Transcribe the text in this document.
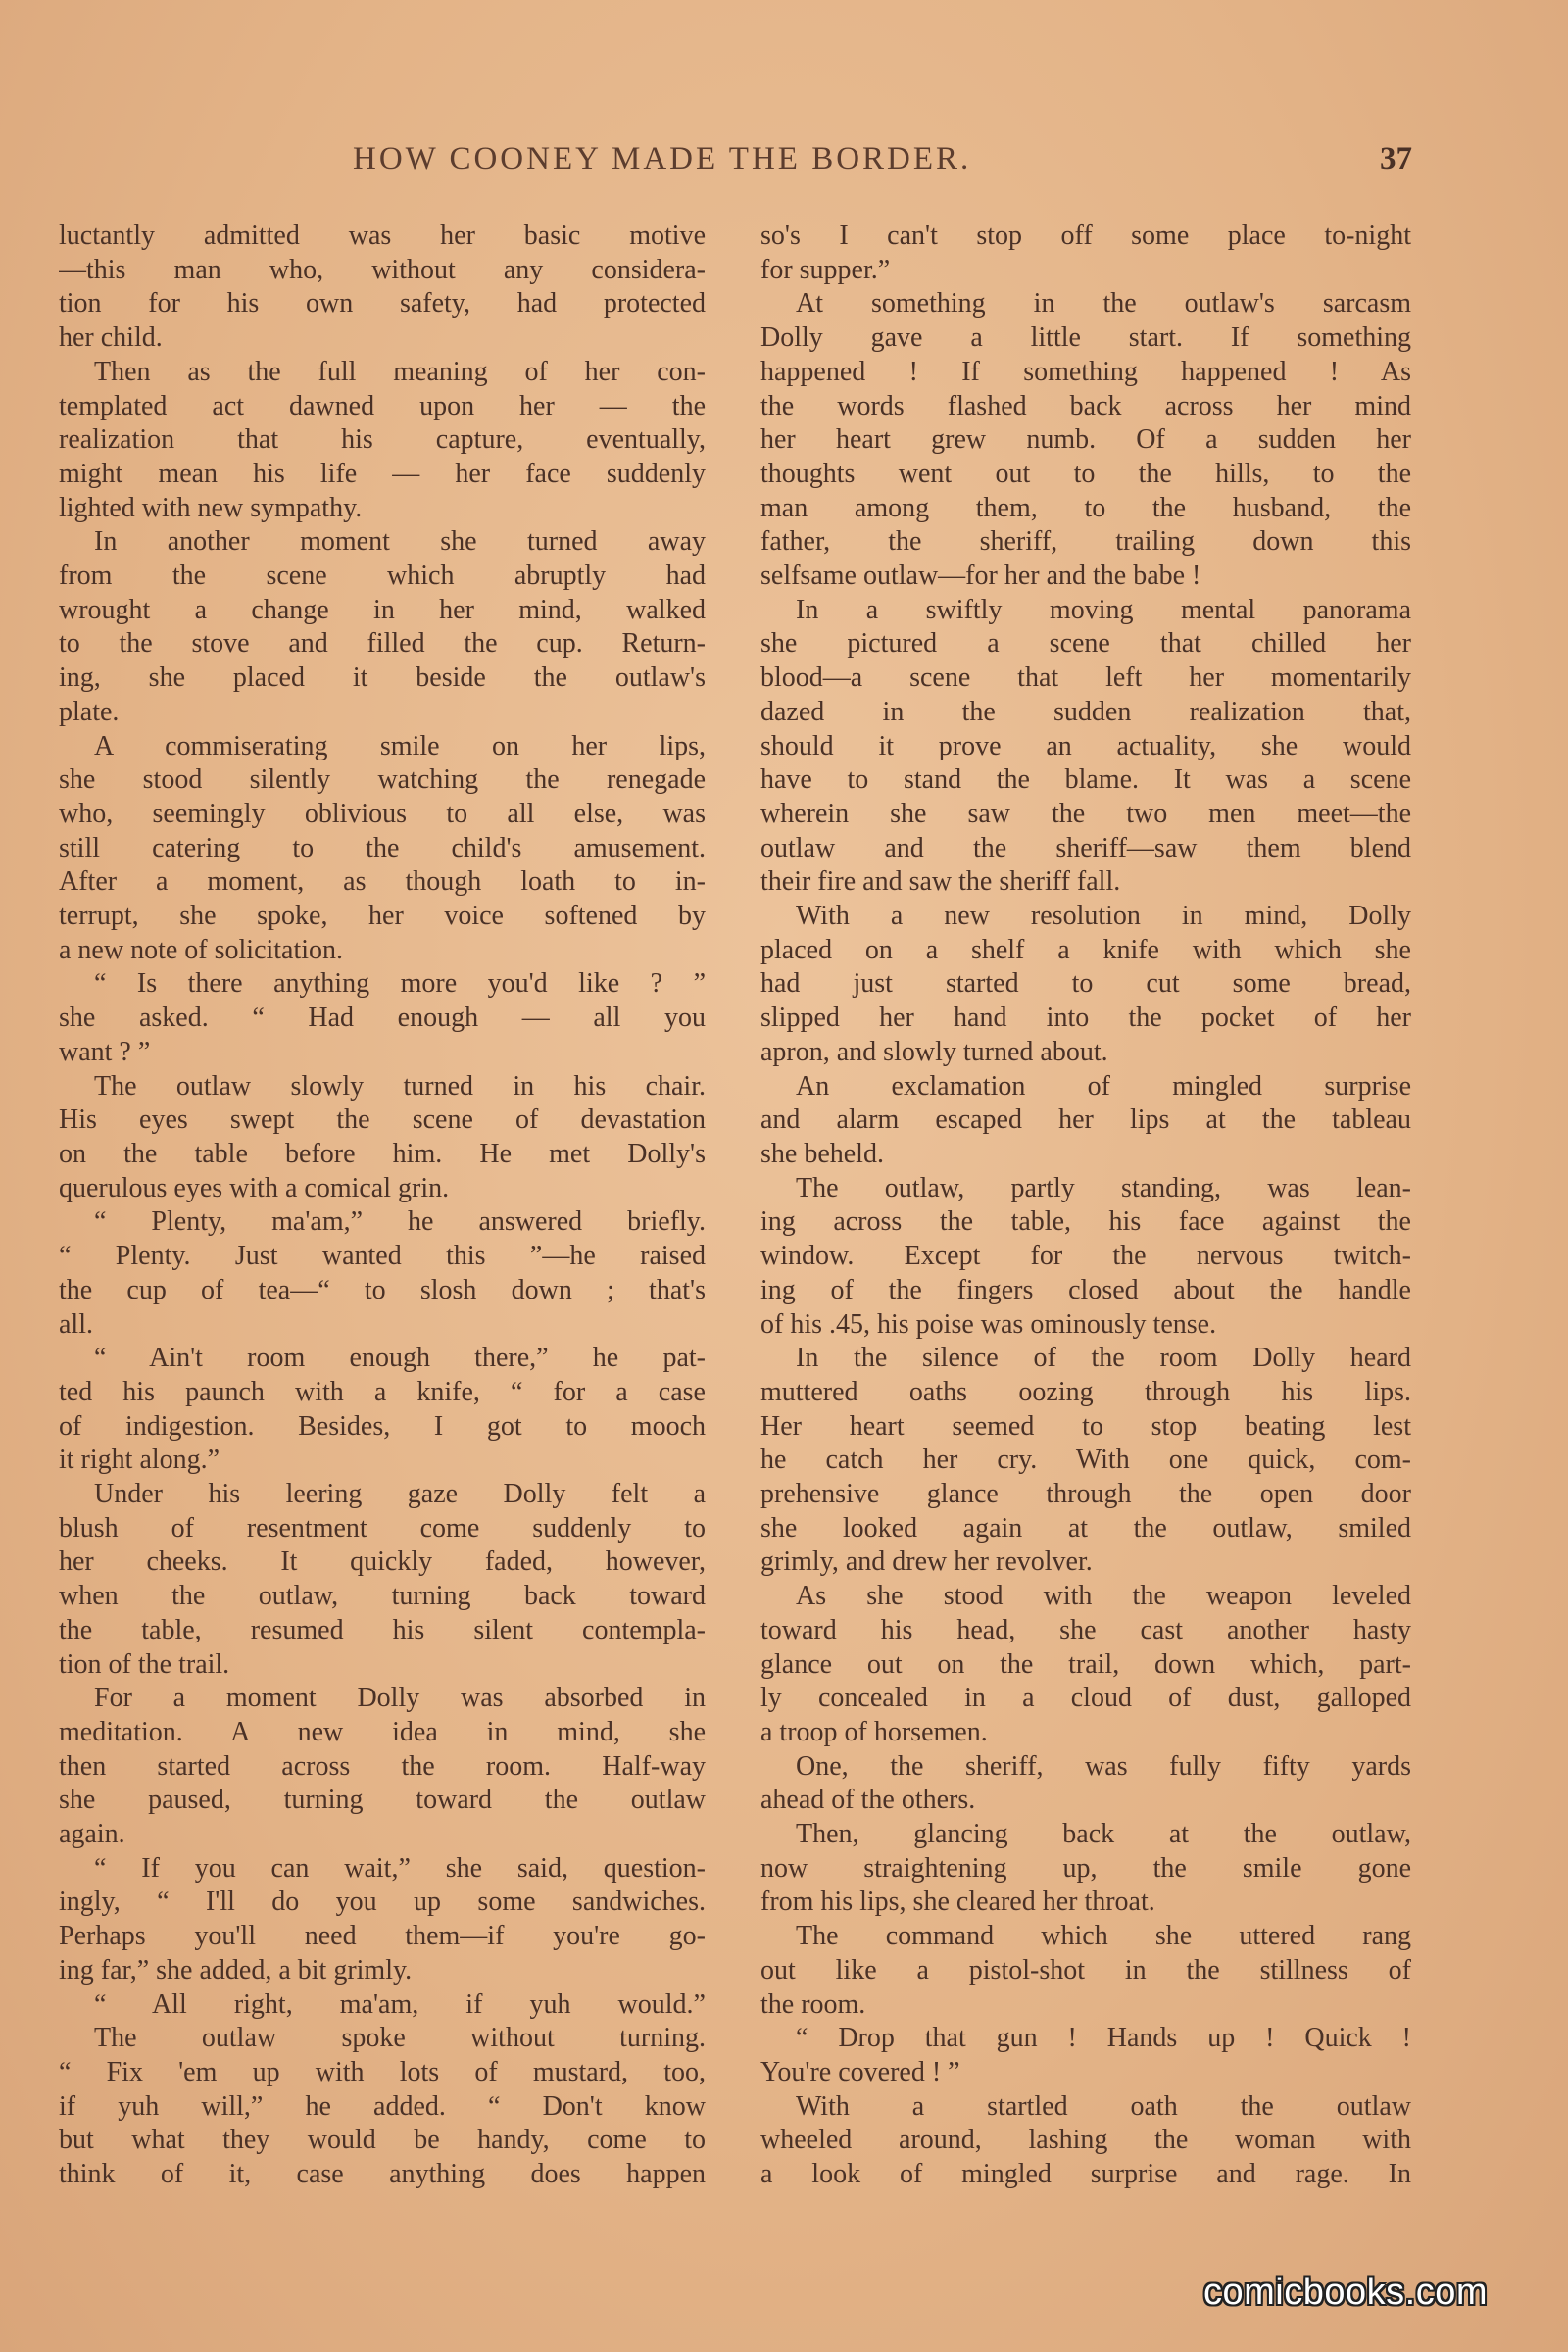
HOW COONEY MADE THE BORDER.	37
luctantly admitted was her basic motive
—this man who, without any considera-
tion for his own safety, had protected
her child.
Then as the full meaning of her con-
templated act dawned upon her — the
realization that his capture, eventually,
might mean his life — her face suddenly
lighted with new sympathy.
In another moment she turned away
from the scene which abruptly had
wrought a change in her mind, walked
to the stove and filled the cup. Return-
ing, she placed it beside the outlaw's
plate.
A commiserating smile on her lips,
she stood silently watching the renegade
who, seemingly oblivious to all else, was
still catering to the child's amusement.
After a moment, as though loath to in-
terrupt, she spoke, her voice softened by
a new note of solicitation.
“ Is there anything more you'd like ? ”
she asked. “ Had enough — all you
want ? ”
The outlaw slowly turned in his chair.
His eyes swept the scene of devastation
on the table before him. He met Dolly's
querulous eyes with a comical grin.
“ Plenty, ma'am,” he answered briefly.
“ Plenty. Just wanted this ”—he raised
the cup of tea—“ to slosh down ; that's
all.
“ Ain't room enough there,” he pat-
ted his paunch with a knife, “ for a case
of indigestion. Besides, I got to mooch
it right along.”
Under his leering gaze Dolly felt a
blush of resentment come suddenly to
her cheeks. It quickly faded, however,
when the outlaw, turning back toward
the table, resumed his silent contempla-
tion of the trail.
For a moment Dolly was absorbed in
meditation. A new idea in mind, she
then started across the room. Half-way
she paused, turning toward the outlaw
again.
“ If you can wait,” she said, question-
ingly, “ I'll do you up some sandwiches.
Perhaps you'll need them—if you're go-
ing far,” she added, a bit grimly.
“ All right, ma'am, if yuh would.”
The outlaw spoke without turning.
“ Fix 'em up with lots of mustard, too,
if yuh will,” he added. “ Don't know
but what they would be handy, come to
think of it, case anything does happen
so's I can't stop off some place to-night
for supper.”
At something in the outlaw's sarcasm
Dolly gave a little start. If something
happened ! If something happened ! As
the words flashed back across her mind
her heart grew numb. Of a sudden her
thoughts went out to the hills, to the
man among them, to the husband, the
father, the sheriff, trailing down this
selfsame outlaw—for her and the babe !
In a swiftly moving mental panorama
she pictured a scene that chilled her
blood—a scene that left her momentarily
dazed in the sudden realization that,
should it prove an actuality, she would
have to stand the blame. It was a scene
wherein she saw the two men meet—the
outlaw and the sheriff—saw them blend
their fire and saw the sheriff fall.
With a new resolution in mind, Dolly
placed on a shelf a knife with which she
had just started to cut some bread,
slipped her hand into the pocket of her
apron, and slowly turned about.
An exclamation of mingled surprise
and alarm escaped her lips at the tableau
she beheld.
The outlaw, partly standing, was lean-
ing across the table, his face against the
window. Except for the nervous twitch-
ing of the fingers closed about the handle
of his .45, his poise was ominously tense.
In the silence of the room Dolly heard
muttered oaths oozing through his lips.
Her heart seemed to stop beating lest
he catch her cry. With one quick, com-
prehensive glance through the open door
she looked again at the outlaw, smiled
grimly, and drew her revolver.
As she stood with the weapon leveled
toward his head, she cast another hasty
glance out on the trail, down which, part-
ly concealed in a cloud of dust, galloped
a troop of horsemen.
One, the sheriff, was fully fifty yards
ahead of the others.
Then, glancing back at the outlaw,
now straightening up, the smile gone
from his lips, she cleared her throat.
The command which she uttered rang
out like a pistol-shot in the stillness of
the room.
“ Drop that gun ! Hands up ! Quick !
You're covered ! ”
With a startled oath the outlaw
wheeled around, lashing the woman with
a look of mingled surprise and rage. In
comicbooks.com
